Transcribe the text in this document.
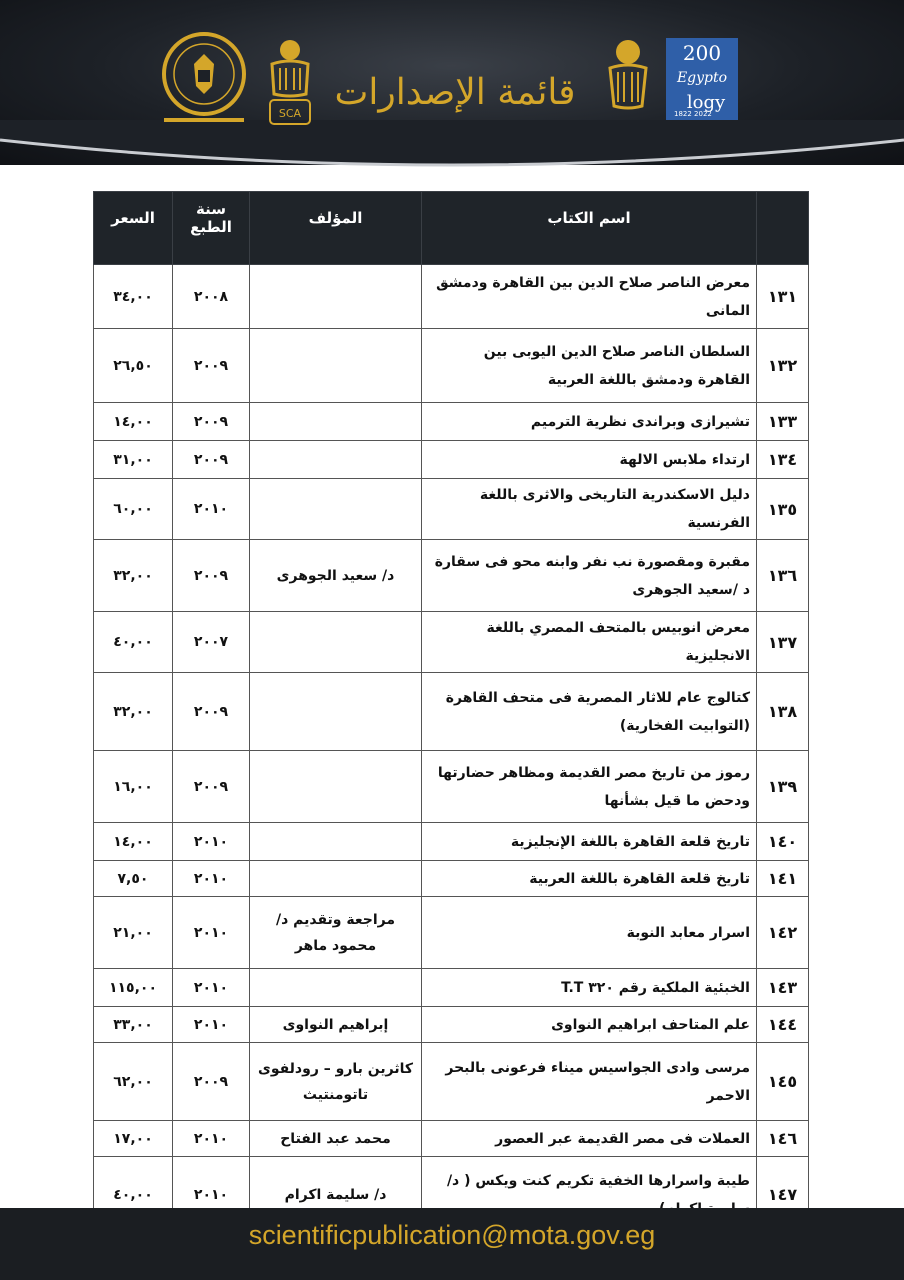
SCA
200
Egypto
logy
1822 2022
قائمة الإصدارات
	اسم الكتاب	المؤلف	سنة الطبع	السعر
١٣١	معرض الناصر صلاح الدين بين القاهرة ودمشق المانى		٢٠٠٨	٣٤,٠٠
١٣٢	السلطان الناصر صلاح الدين اليوبى بين القاهرة ودمشق باللغة العربية		٢٠٠٩	٢٦,٥٠
١٣٣	تشيرازى وبراندى نظرية الترميم		٢٠٠٩	١٤,٠٠
١٣٤	ارتداء ملابس الالهة		٢٠٠٩	٣١,٠٠
١٣٥	دليل الاسكندرية التاريخى والاثرى باللغة الفرنسية		٢٠١٠	٦٠,٠٠
١٣٦	مقبرة ومقصورة نب نفر وابنه محو فى سقارة د /سعيد الجوهرى	د/ سعيد الجوهرى	٢٠٠٩	٣٢,٠٠
١٣٧	معرض انوبيس بالمتحف المصري باللغة الانجليزية		٢٠٠٧	٤٠,٠٠
١٣٨	كتالوج عام للاثار المصرية فى متحف القاهرة (التوابيت الفخارية)		٢٠٠٩	٣٢,٠٠
١٣٩	رموز من تاريخ مصر القديمة ومظاهر حضارتها ودحض ما قيل بشأنها		٢٠٠٩	١٦,٠٠
١٤٠	تاريخ قلعة القاهرة باللغة الإنجليزية		٢٠١٠	١٤,٠٠
١٤١	تاريخ قلعة القاهرة باللغة العربية		٢٠١٠	٧,٥٠
١٤٢	اسرار معابد النوبة	مراجعة وتقديم د/ محمود ماهر	٢٠١٠	٢١,٠٠
١٤٣	الخبئية الملكية رقم ٣٢٠ T.T		٢٠١٠	١١٥,٠٠
١٤٤	علم المتاحف ابراهيم النواوى	إبراهيم النواوى	٢٠١٠	٣٣,٠٠
١٤٥	مرسى وادى الجواسيس ميناء فرعونى بالبحر الاحمر	كاثرين بارو – رودلفوى تاتومنتيث	٢٠٠٩	٦٢,٠٠
١٤٦	العملات فى مصر القديمة عبر العصور	محمد عبد الفتاح	٢٠١٠	١٧,٠٠
١٤٧	طيبة واسرارها الخفية تكريم كنت ويكس ( د/	د/ سليمة اكرام	٢٠١٠	٤٠,٠٠
scientificpublication@mota.gov.eg
